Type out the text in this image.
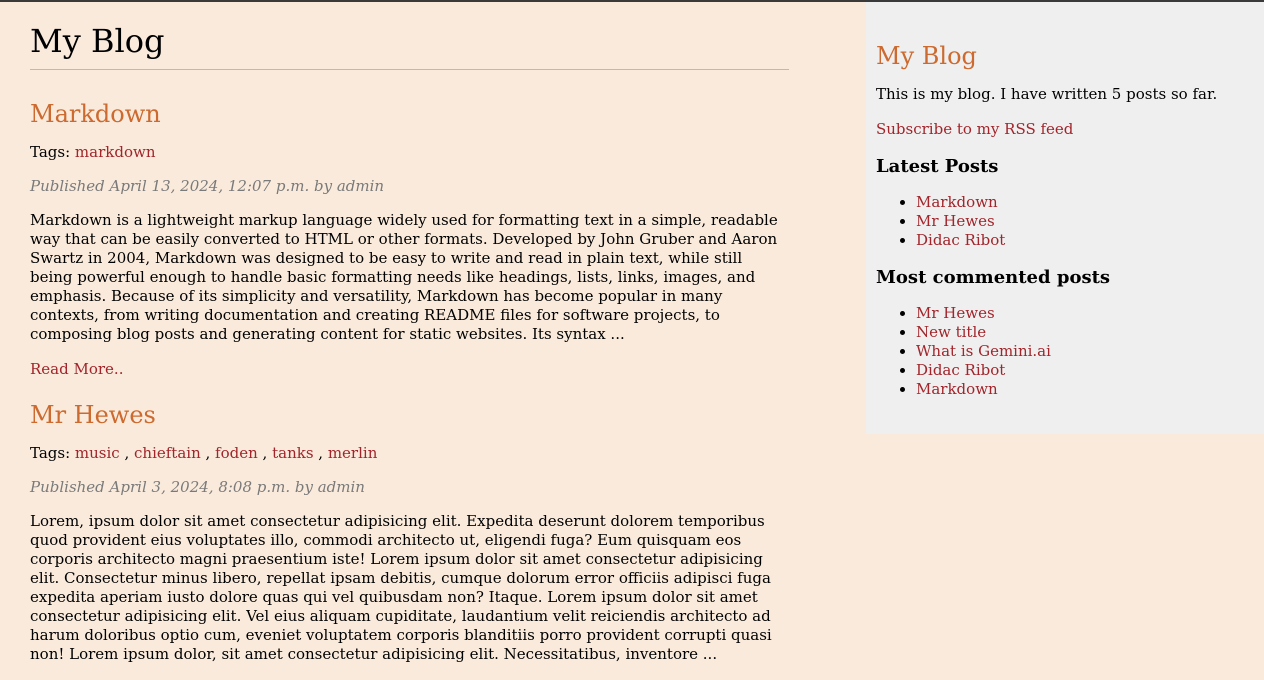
My Blog
Markdown
Tags: markdown
Published April 13, 2024, 12:07 p.m. by admin
Markdown is a lightweight markup language widely used for formatting text in a simple, readable way that can be easily converted to HTML or other formats. Developed by John Gruber and Aaron Swartz in 2004, Markdown was designed to be easy to write and read in plain text, while still being powerful enough to handle basic formatting needs like headings, lists, links, images, and emphasis. Because of its simplicity and versatility, Markdown has become popular in many contexts, from writing documentation and creating README files for software projects, to composing blog posts and generating content for static websites. Its syntax ...
Read More..
Mr Hewes
Tags: music , chieftain , foden , tanks , merlin
Published April 3, 2024, 8:08 p.m. by admin
Lorem, ipsum dolor sit amet consectetur adipisicing elit. Expedita deserunt dolorem temporibus quod provident eius voluptates illo, commodi architecto ut, eligendi fuga? Eum quisquam eos corporis architecto magni praesentium iste! Lorem ipsum dolor sit amet consectetur adipisicing elit. Consectetur minus libero, repellat ipsam debitis, cumque dolorum error officiis adipisci fuga expedita aperiam iusto dolore quas qui vel quibusdam non? Itaque. Lorem ipsum dolor sit amet consectetur adipisicing elit. Vel eius aliquam cupiditate, laudantium velit reiciendis architecto ad harum doloribus optio cum, eveniet voluptatem corporis blanditiis porro provident corrupti quasi non! Lorem ipsum dolor, sit amet consectetur adipisicing elit. Necessitatibus, inventore ...
My Blog
This is my blog. I have written 5 posts so far.
Subscribe to my RSS feed
Latest Posts
• Markdown
• Mr Hewes
• Didac Ribot
Most commented posts
• Mr Hewes
• New title
• What is Gemini.ai
• Didac Ribot
• Markdown
